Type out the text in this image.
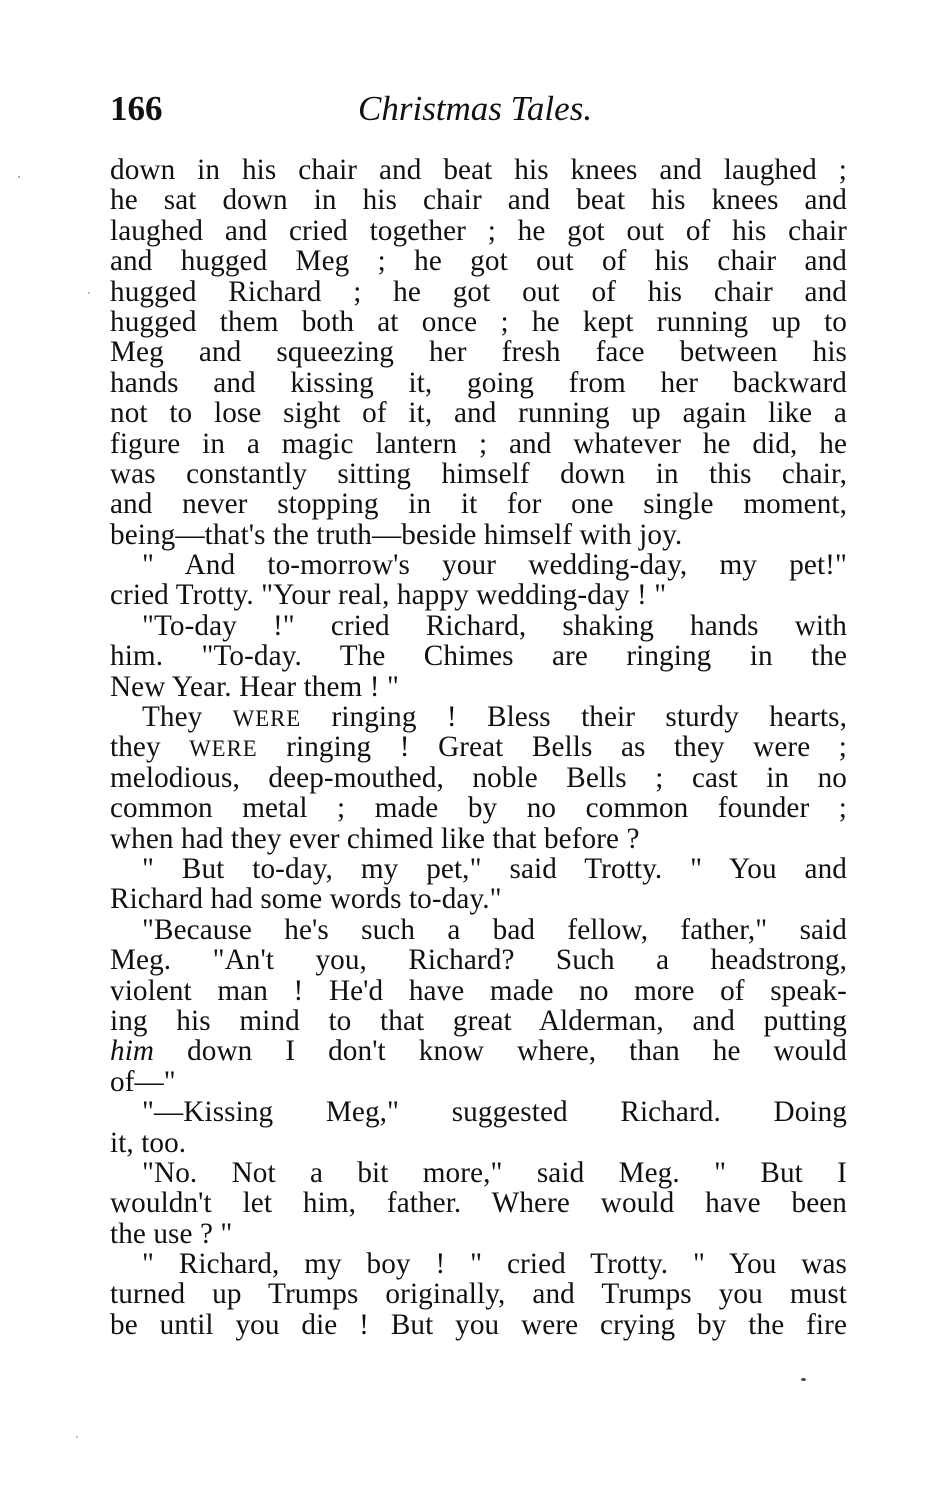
166	Christmas Tales.
down in his chair and beat his knees and laughed ;
he sat down in his chair and beat his knees and
laughed and cried together ; he got out of his chair
and hugged Meg ; he got out of his chair and
hugged Richard ; he got out of his chair and
hugged them both at once ; he kept running up to
Meg and squeezing her fresh face between his
hands and kissing it, going from her backward
not to lose sight of it, and running up again like a
figure in a magic lantern ; and whatever he did, he
was constantly sitting himself down in this chair,
and never stopping in it for one single moment,
being—that's the truth—beside himself with joy.
" And to-morrow's your wedding-day, my pet!"
cried Trotty. "Your real, happy wedding-day ! "
"To-day !" cried Richard, shaking hands with
him. "To-day. The Chimes are ringing in the
New Year. Hear them ! "
They WERE ringing ! Bless their sturdy hearts,
they WERE ringing ! Great Bells as they were ;
melodious, deep-mouthed, noble Bells ; cast in no
common metal ; made by no common founder ;
when had they ever chimed like that before ?
" But to-day, my pet," said Trotty. " You and
Richard had some words to-day."
"Because he's such a bad fellow, father," said
Meg. "An't you, Richard? Such a headstrong,
violent man ! He'd have made no more of speak-
ing his mind to that great Alderman, and putting
him down I don't know where, than he would
of—"
"—Kissing Meg," suggested Richard. Doing
it, too.
"No. Not a bit more," said Meg. " But I
wouldn't let him, father. Where would have been
the use ? "
" Richard, my boy ! " cried Trotty. " You was
turned up Trumps originally, and Trumps you must
be until you die ! But you were crying by the fire
